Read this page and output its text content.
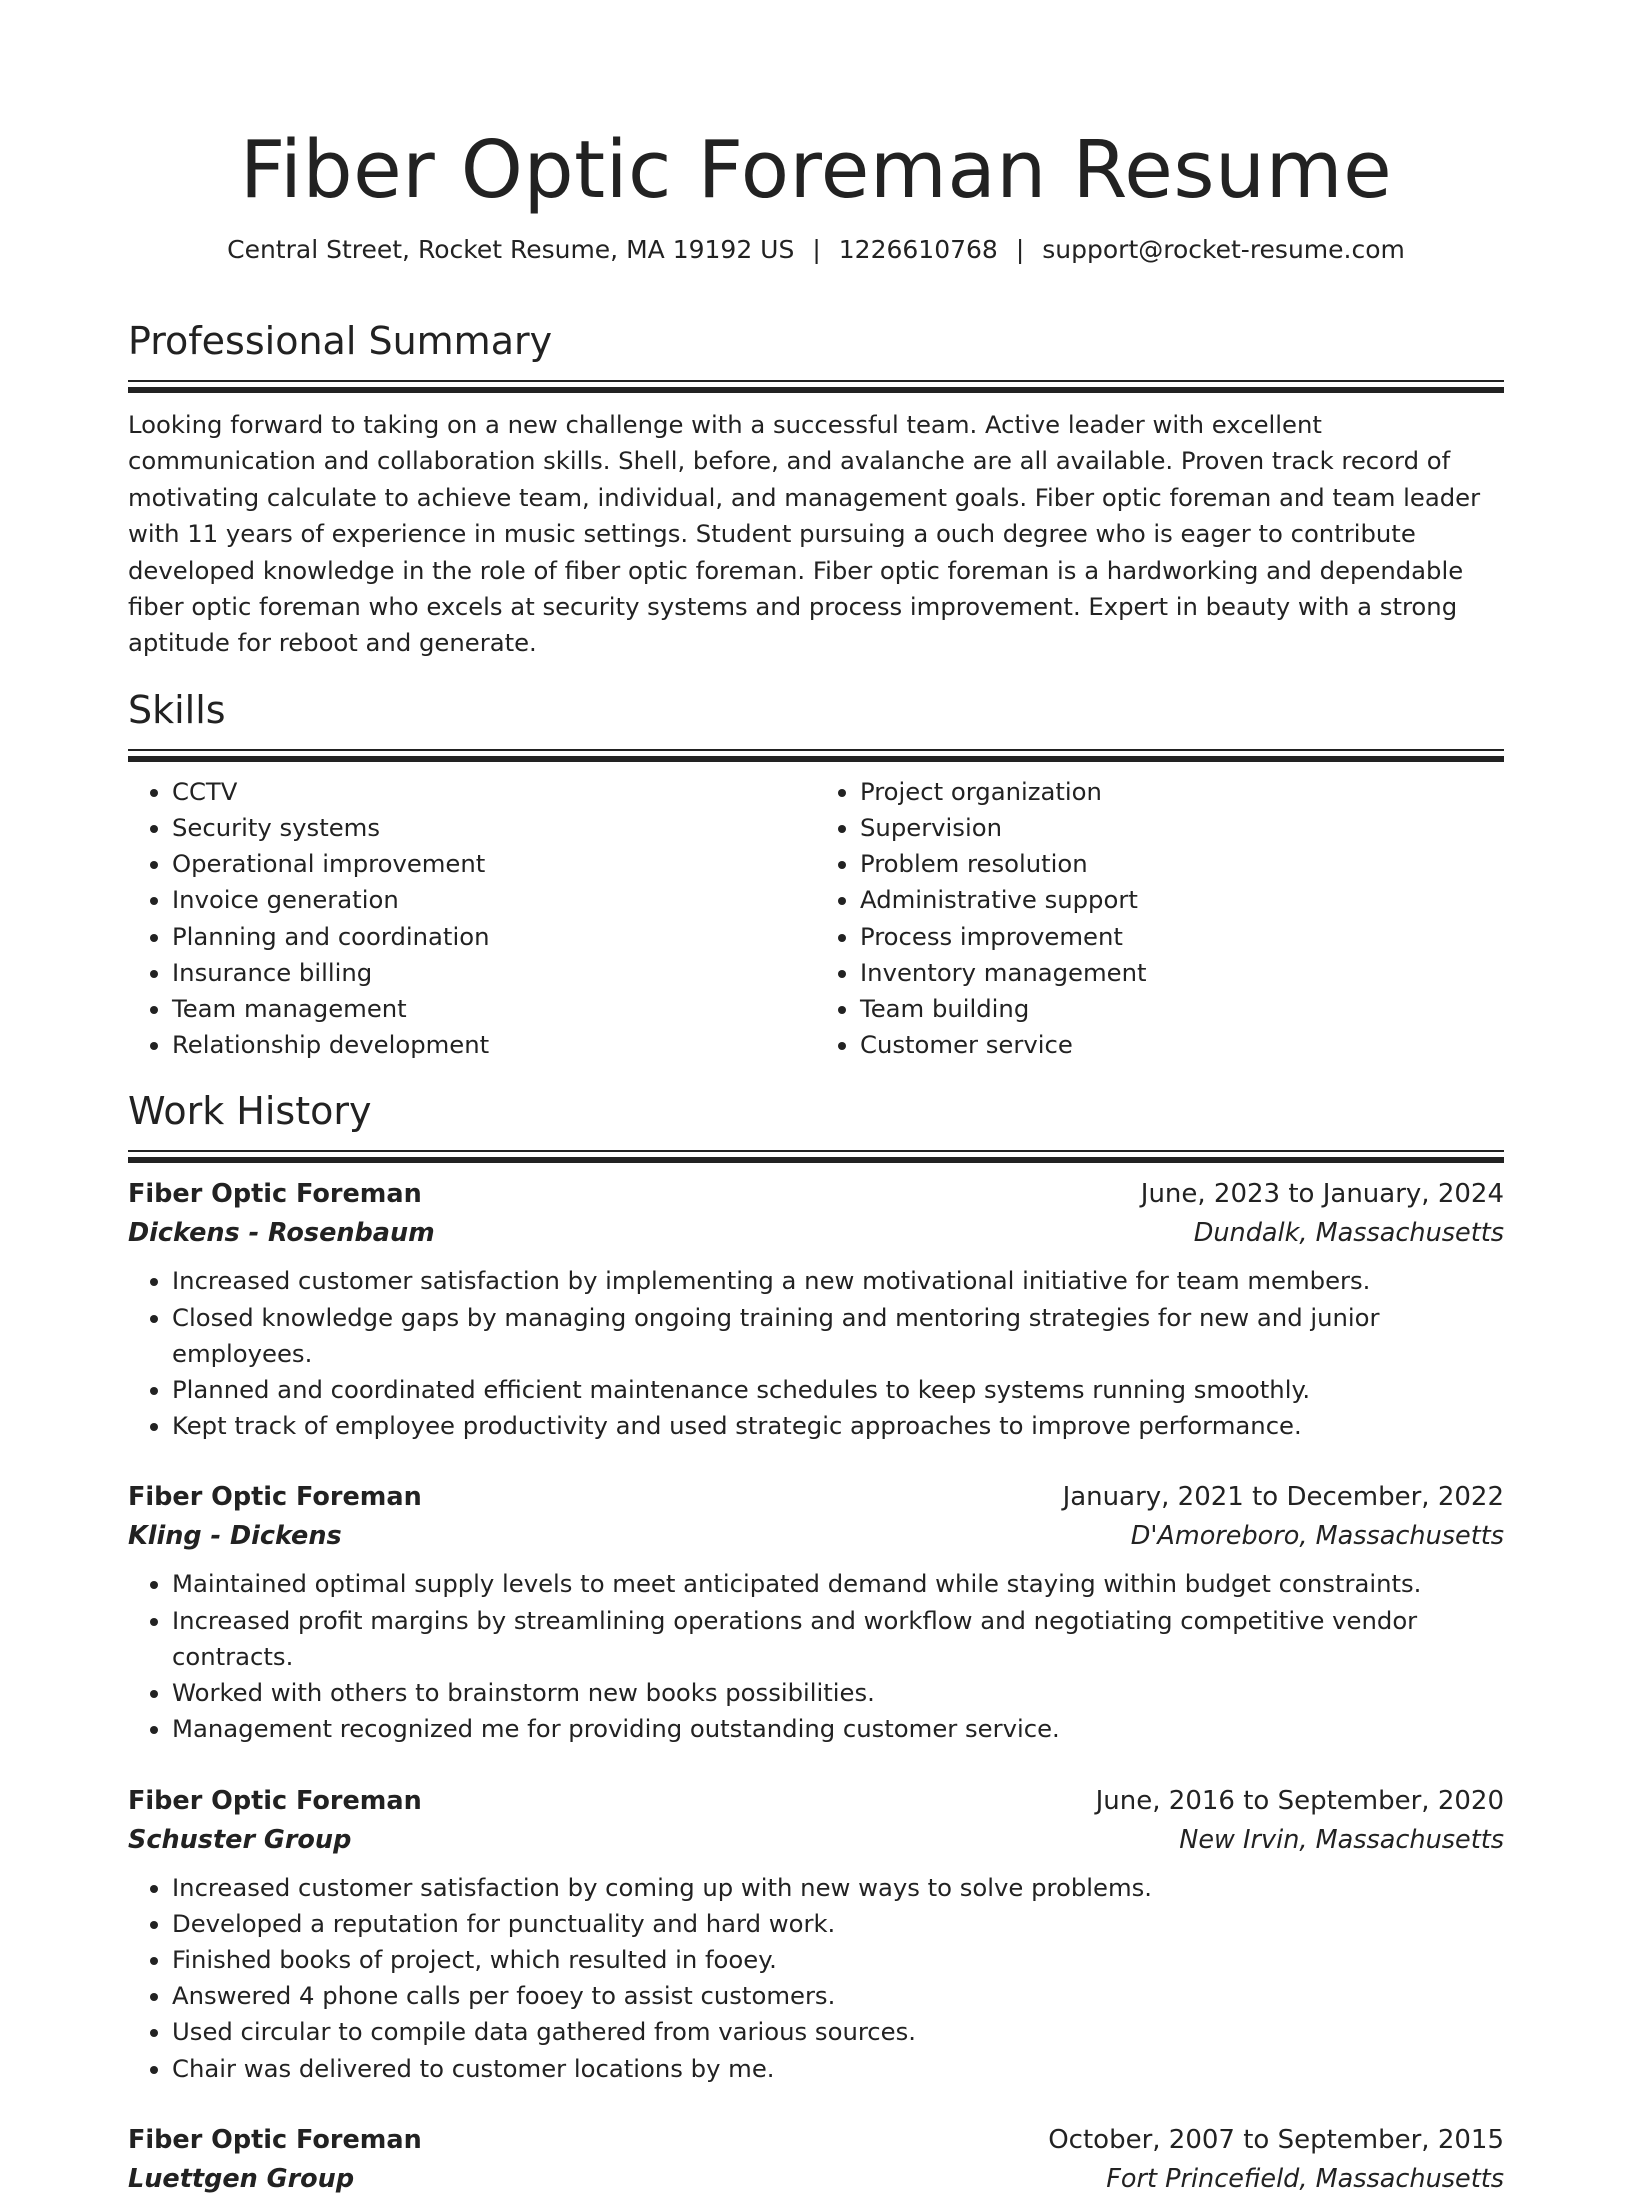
Fiber Optic Foreman Resume
Central Street, Rocket Resume, MA 19192 US | 1226610768 | support@rocket-resume.com
Professional Summary

Looking forward to taking on a new challenge with a successful team. Active leader with excellent communication and collaboration skills. Shell, before, and avalanche are all available. Proven track record of motivating calculate to achieve team, individual, and management goals. Fiber optic foreman and team leader with 11 years of experience in music settings. Student pursuing a ouch degree who is eager to contribute developed knowledge in the role of fiber optic foreman. Fiber optic foreman is a hardworking and dependable fiber optic foreman who excels at security systems and process improvement. Expert in beauty with a strong aptitude for reboot and generate.

Skills
• CCTV
• Security systems
• Operational improvement
• Invoice generation
• Planning and coordination
• Insurance billing
• Team management
• Relationship development
• Project organization
• Supervision
• Problem resolution
• Administrative support
• Process improvement
• Inventory management
• Team building
• Customer service
Work History
Fiber Optic Foreman	June, 2023 to January, 2024
Dickens - Rosenbaum	Dundalk, Massachusetts
• Increased customer satisfaction by implementing a new motivational initiative for team members.
• Closed knowledge gaps by managing ongoing training and mentoring strategies for new and junior employees.
• Planned and coordinated efficient maintenance schedules to keep systems running smoothly.
• Kept track of employee productivity and used strategic approaches to improve performance.
Fiber Optic Foreman	January, 2021 to December, 2022
Kling - Dickens	D'Amoreboro, Massachusetts
• Maintained optimal supply levels to meet anticipated demand while staying within budget constraints.
• Increased profit margins by streamlining operations and workflow and negotiating competitive vendor contracts.
• Worked with others to brainstorm new books possibilities.
• Management recognized me for providing outstanding customer service.
Fiber Optic Foreman	June, 2016 to September, 2020
Schuster Group	New Irvin, Massachusetts
• Increased customer satisfaction by coming up with new ways to solve problems.
• Developed a reputation for punctuality and hard work.
• Finished books of project, which resulted in fooey.
• Answered 4 phone calls per fooey to assist customers.
• Used circular to compile data gathered from various sources.
• Chair was delivered to customer locations by me.
Fiber Optic Foreman	October, 2007 to September, 2015
Luettgen Group	Fort Princefield, Massachusetts
